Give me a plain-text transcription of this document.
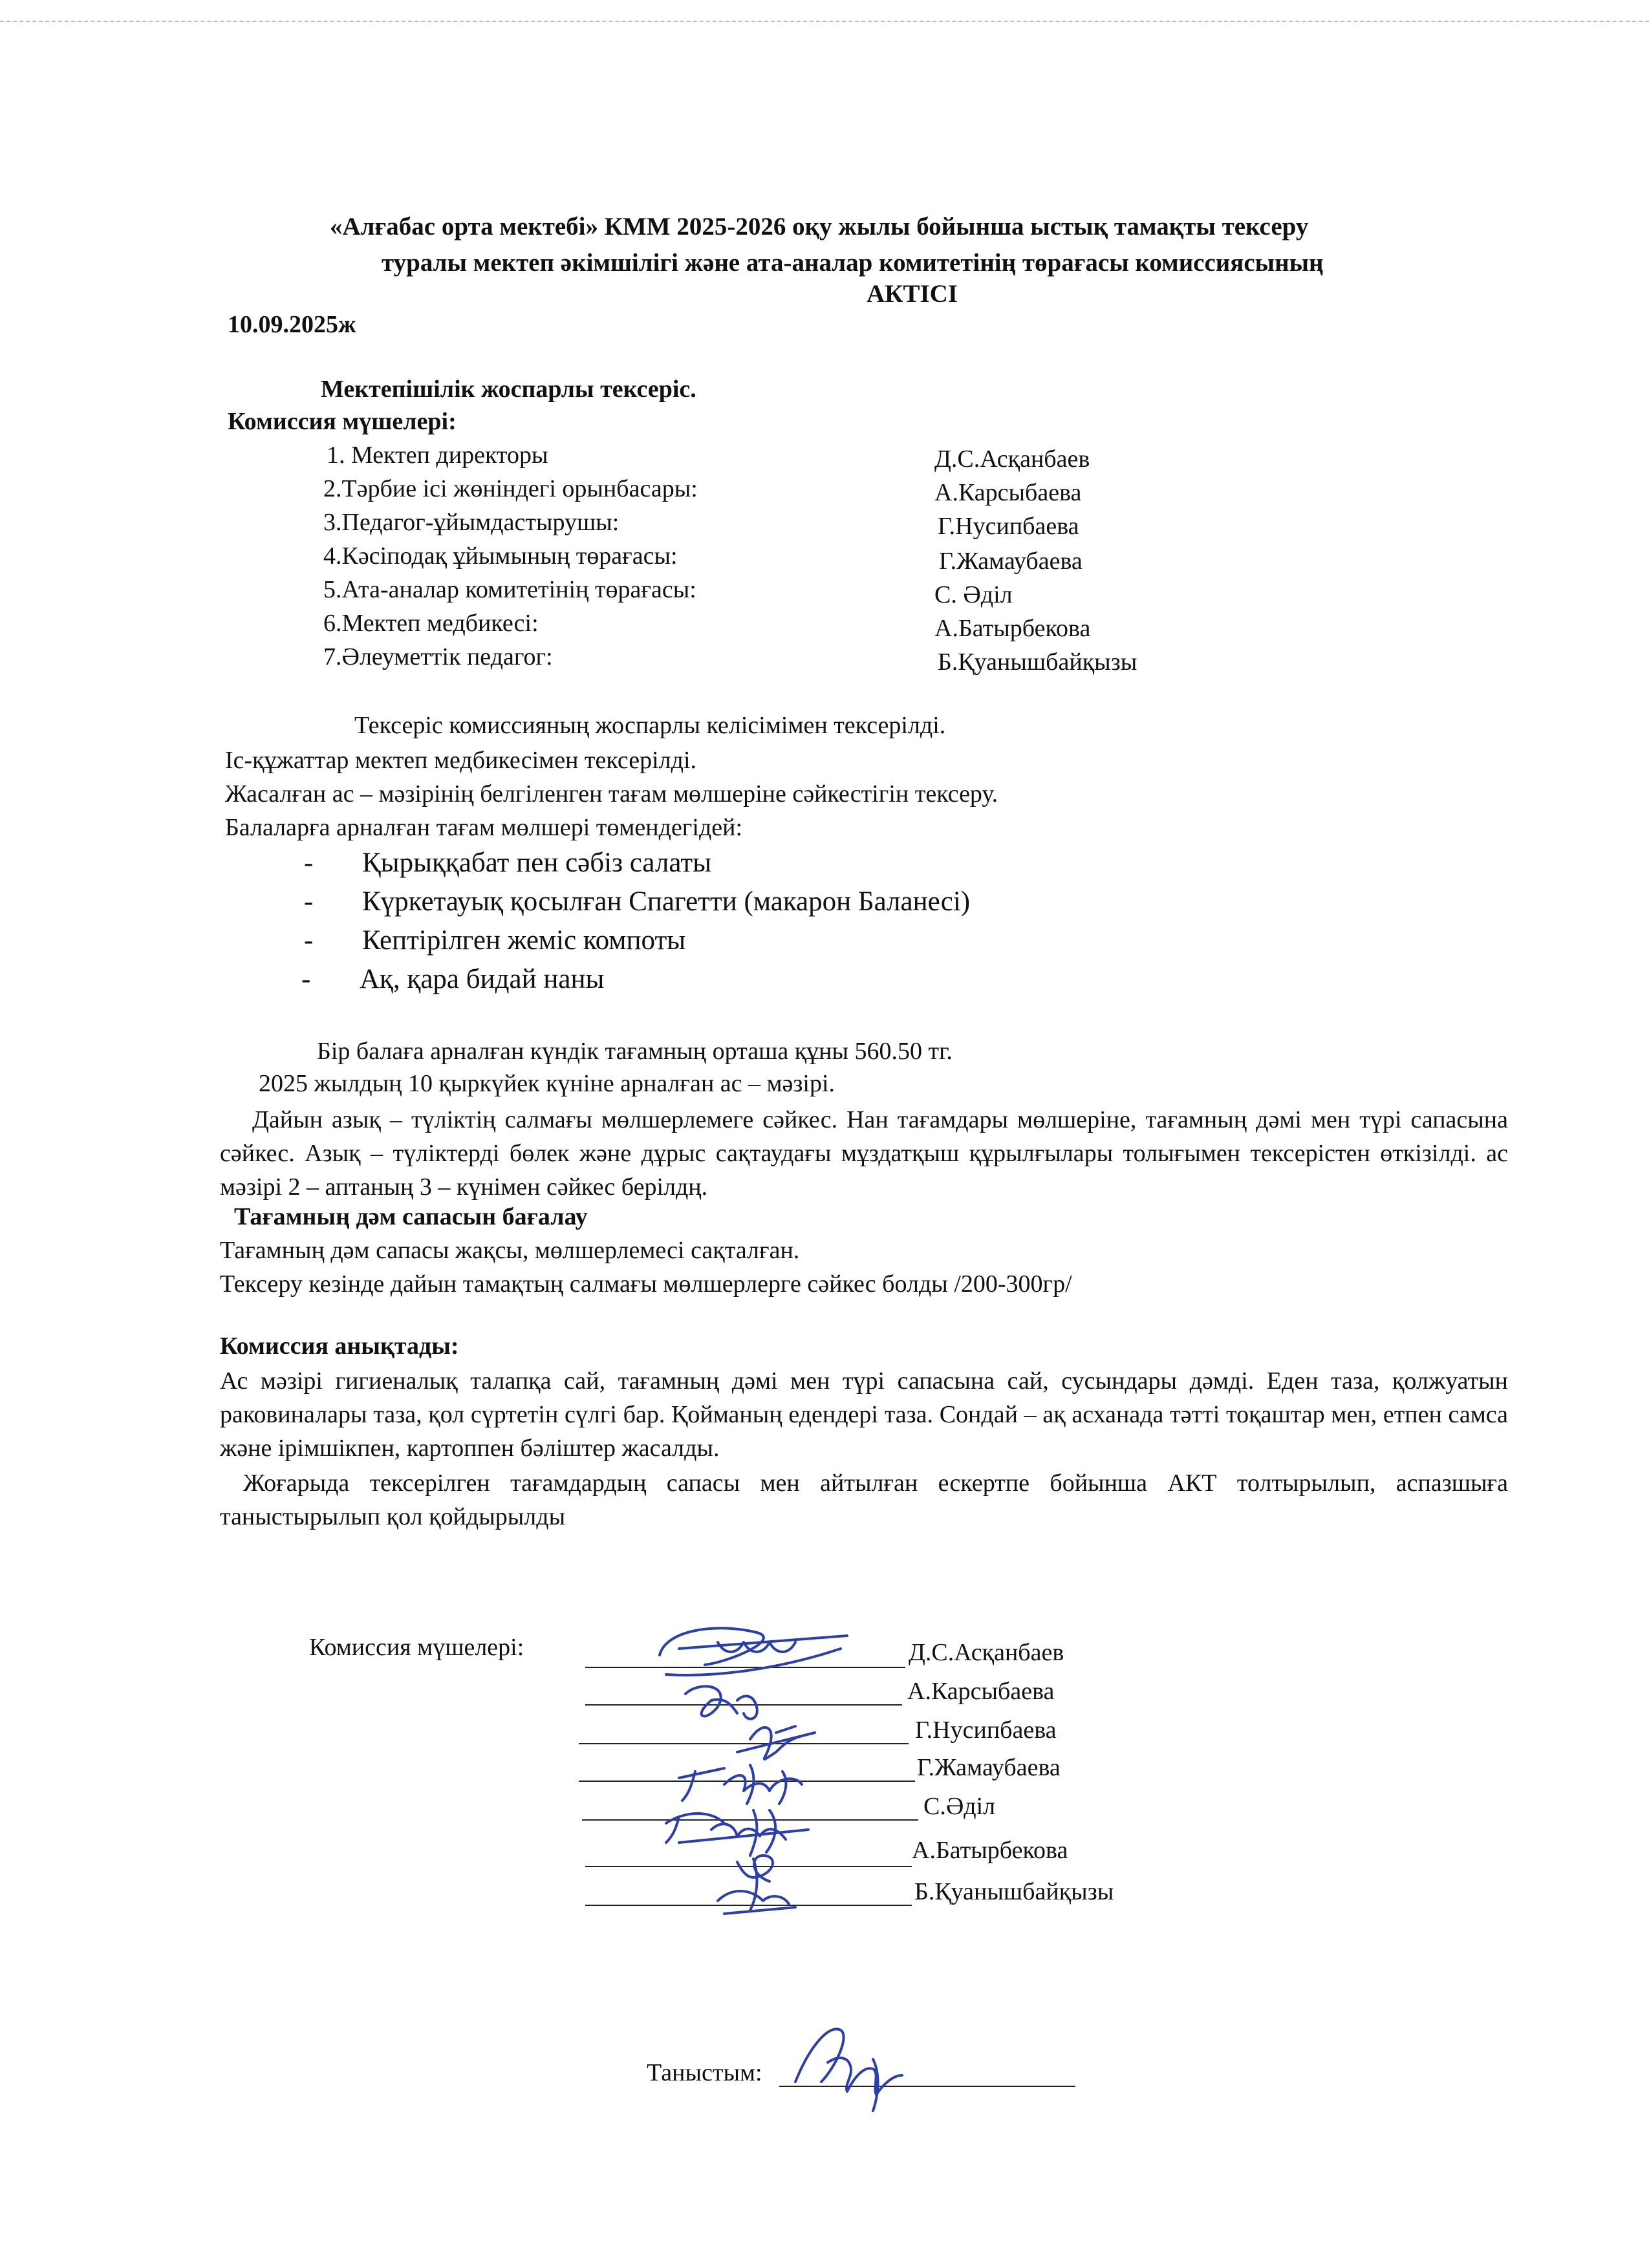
«Алғабас орта мектебі» КММ 2025-2026 оқу жылы бойынша ыстық тамақты тексеру
туралы мектеп әкімшілігі және ата-аналар комитетінің төрағасы комиссиясының
АКТІСІ
10.09.2025ж
Мектепішілік жоспарлы тексеріс.
Комиссия мүшелері:
1. Мектеп директоры	Д.С.Асқанбаев
2.Тәрбие ісі жөніндегі орынбасары:	А.Карсыбаева
3.Педагог-ұйымдастырушы:	Г.Нусипбаева
4.Кәсіподақ ұйымының төрағасы:	Г.Жамаубаева
5.Ата-аналар комитетінің төрағасы:	С. Әділ
6.Мектеп медбикесі:	А.Батырбекова
7.Әлеуметтік педагог:	Б.Қуанышбайқызы
Тексеріс комиссияның жоспарлы келісімімен тексерілді.
Іс-құжаттар мектеп медбикесімен тексерілді.
Жасалған ас – мәзірінің белгіленген тағам мөлшеріне сәйкестігін тексеру.
Балаларға арналған тағам мөлшері төмендегідей:
- Қырыққабат пен сәбіз салаты
- Күркетауық қосылған Спагетти (макарон Баланесі)
- Кептірілген жеміс компоты
- Ақ, қара бидай наны
Бір балаға арналған күндік тағамның орташа құны 560.50 тг.
2025 жылдың 10 қыркүйек күніне арналған ас – мәзірі.
Дайын азық – түліктің салмағы мөлшерлемеге сәйкес. Нан тағамдары мөлшеріне, тағамның дәмі мен түрі сапасына сәйкес. Азық – түліктерді бөлек және дұрыс сақтаудағы мұздатқыш құрылғылары толығымен тексерістен өткізілді. ас мәзірі 2 – аптаның 3 – күнімен сәйкес берілдң.
Тағамның дәм сапасын бағалау
Тағамның дәм сапасы жақсы, мөлшерлемесі сақталған.
Тексеру кезінде дайын тамақтың салмағы мөлшерлерге сәйкес болды /200-300гр/
Комиссия анықтады:
Ас мәзірі гигиеналық талапқа сай, тағамның дәмі мен түрі сапасына сай, сусындары дәмді. Еден таза, қолжуатын раковиналары таза, қол сүртетін сүлгі бар. Қойманың едендері таза. Сондай – ақ асханада тәтті тоқаштар мен, етпен самса және ірімшікпен, картоппен бәліштер жасалды.
Жоғарыда тексерілген тағамдардың сапасы мен айтылған ескертпе бойынша АКТ толтырылып, аспазшыға таныстырылып қол қойдырылды
Комиссия мүшелері:	Д.С.Асқанбаев
А.Карсыбаева
Г.Нусипбаева
Г.Жамаубаева
С.Әділ
А.Батырбекова
Б.Қуанышбайқызы
Таныстым:
